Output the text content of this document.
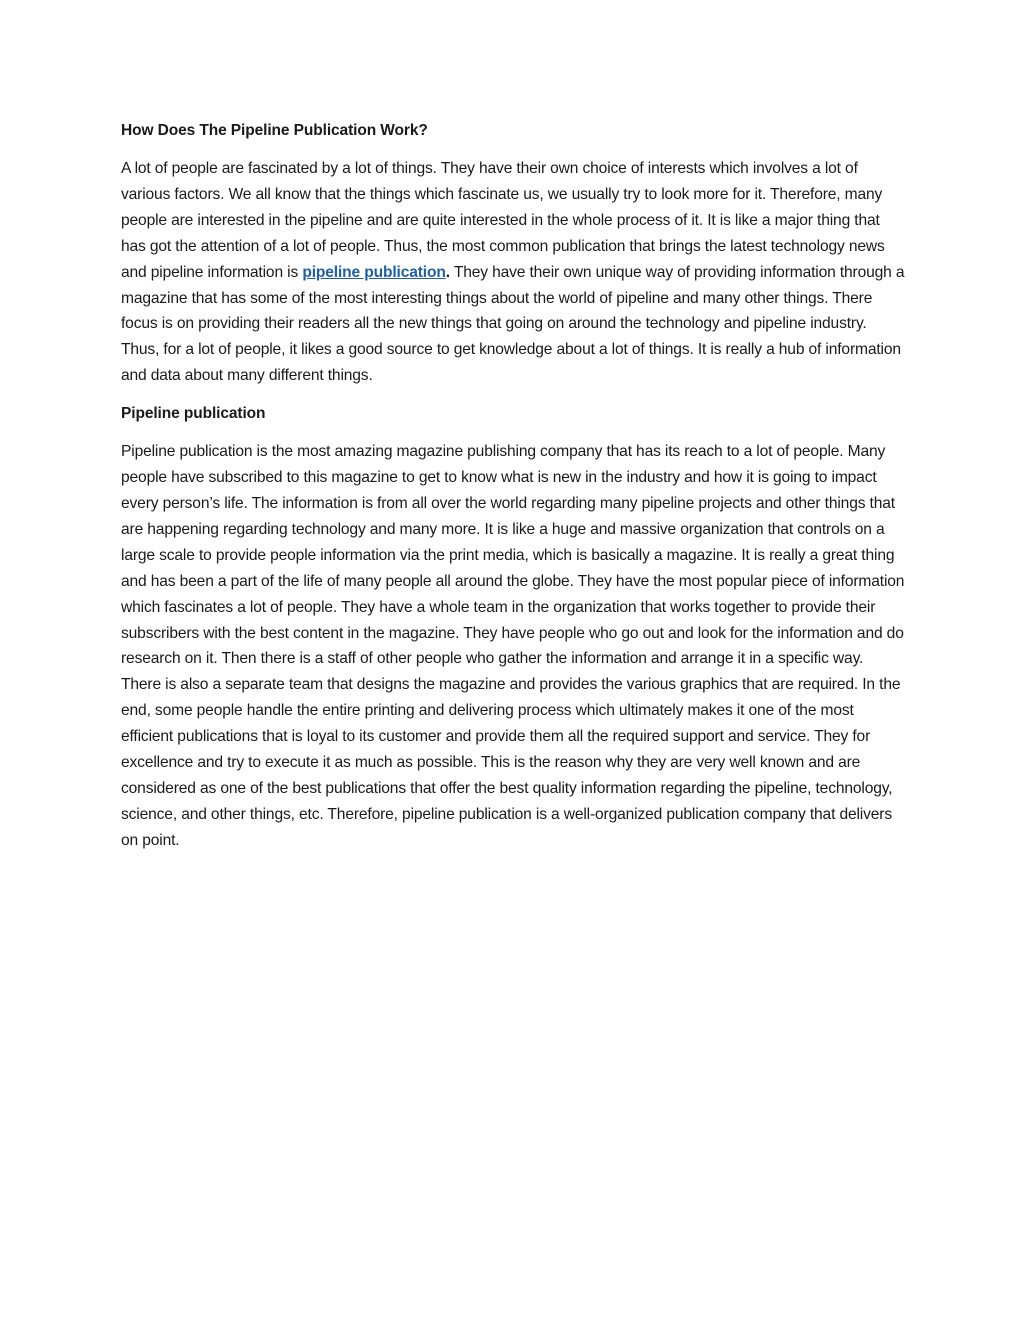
How Does The Pipeline Publication Work?

A lot of people are fascinated by a lot of things. They have their own choice of interests which involves a lot of various factors. We all know that the things which fascinate us, we usually try to look more for it. Therefore, many people are interested in the pipeline and are quite interested in the whole process of it. It is like a major thing that has got the attention of a lot of people. Thus, the most common publication that brings the latest technology news and pipeline information is pipeline publication. They have their own unique way of providing information through a magazine that has some of the most interesting things about the world of pipeline and many other things. There focus is on providing their readers all the new things that going on around the technology and pipeline industry. Thus, for a lot of people, it likes a good source to get knowledge about a lot of things. It is really a hub of information and data about many different things.

Pipeline publication

Pipeline publication is the most amazing magazine publishing company that has its reach to a lot of people. Many people have subscribed to this magazine to get to know what is new in the industry and how it is going to impact every person’s life. The information is from all over the world regarding many pipeline projects and other things that are happening regarding technology and many more. It is like a huge and massive organization that controls on a large scale to provide people information via the print media, which is basically a magazine. It is really a great thing and has been a part of the life of many people all around the globe. They have the most popular piece of information which fascinates a lot of people. They have a whole team in the organization that works together to provide their subscribers with the best content in the magazine. They have people who go out and look for the information and do research on it. Then there is a staff of other people who gather the information and arrange it in a specific way. There is also a separate team that designs the magazine and provides the various graphics that are required. In the end, some people handle the entire printing and delivering process which ultimately makes it one of the most efficient publications that is loyal to its customer and provide them all the required support and service. They for excellence and try to execute it as much as possible. This is the reason why they are very well known and are considered as one of the best publications that offer the best quality information regarding the pipeline, technology, science, and other things, etc. Therefore, pipeline publication is a well-organized publication company that delivers on point.
